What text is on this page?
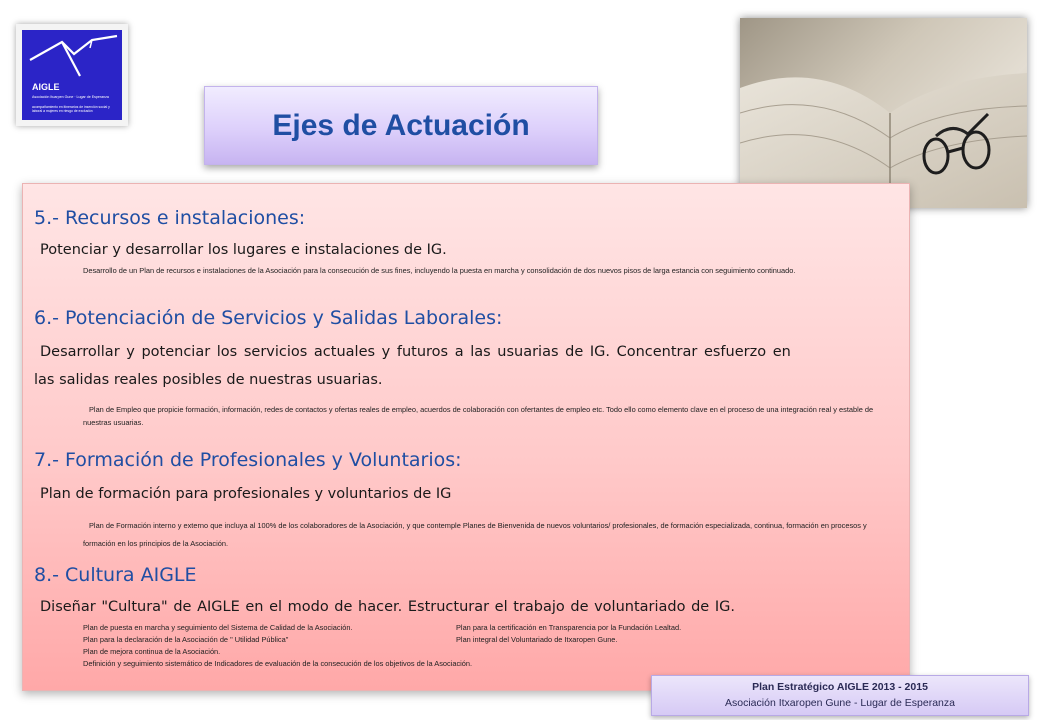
AIGLE
Asociación Ituarpen Gune · Lugar de Esperanza
acompañamiento en itinerarios de inserción social y laboral a mujeres en riesgo de exclusión	Ejes de Actuación
5.- Recursos e instalaciones:
Potenciar y desarrollar los lugares e instalaciones de IG.
Desarrollo de un Plan de recursos e instalaciones de la Asociación para la consecución de sus fines, incluyendo la puesta en marcha y consolidación de dos nuevos pisos de larga estancia con seguimiento continuado.
6.- Potenciación de Servicios y Salidas Laborales:
Desarrollar y potenciar los servicios actuales y futuros a las usuarias de IG. Concentrar esfuerzo en
las salidas reales posibles de nuestras usuarias.
Plan de Empleo que propicie formación, información, redes de contactos y ofertas reales de empleo, acuerdos de colaboración con ofertantes de empleo etc. Todo ello como elemento clave en el proceso de una integración real y estable de nuestras usuarias.
7.- Formación de Profesionales y Voluntarios:
Plan de formación para profesionales y voluntarios de IG
Plan de Formación interno y externo que incluya al 100% de los colaboradores de la Asociación, y que contemple Planes de Bienvenida de nuevos voluntarios/ profesionales, de formación especializada, continua, formación en procesos y formación en los principios de la Asociación.
8.- Cultura AIGLE
Diseñar "Cultura" de AIGLE en el modo de hacer. Estructurar el trabajo de voluntariado de IG.
Plan de puesta en marcha y seguimiento del Sistema de Calidad de la Asociación.	Plan para la certificación en Transparencia por la Fundación Lealtad.
Plan para la declaración de la Asociación de " Utilidad Pública"	Plan integral del Voluntariado de Itxaropen Gune.
Plan de mejora continua de la Asociación.
Definición y seguimiento sistemático de Indicadores de evaluación de la consecución de los objetivos de la Asociación.
Plan Estratégico AIGLE 2013 - 2015
Asociación Itxaropen Gune - Lugar de Esperanza
